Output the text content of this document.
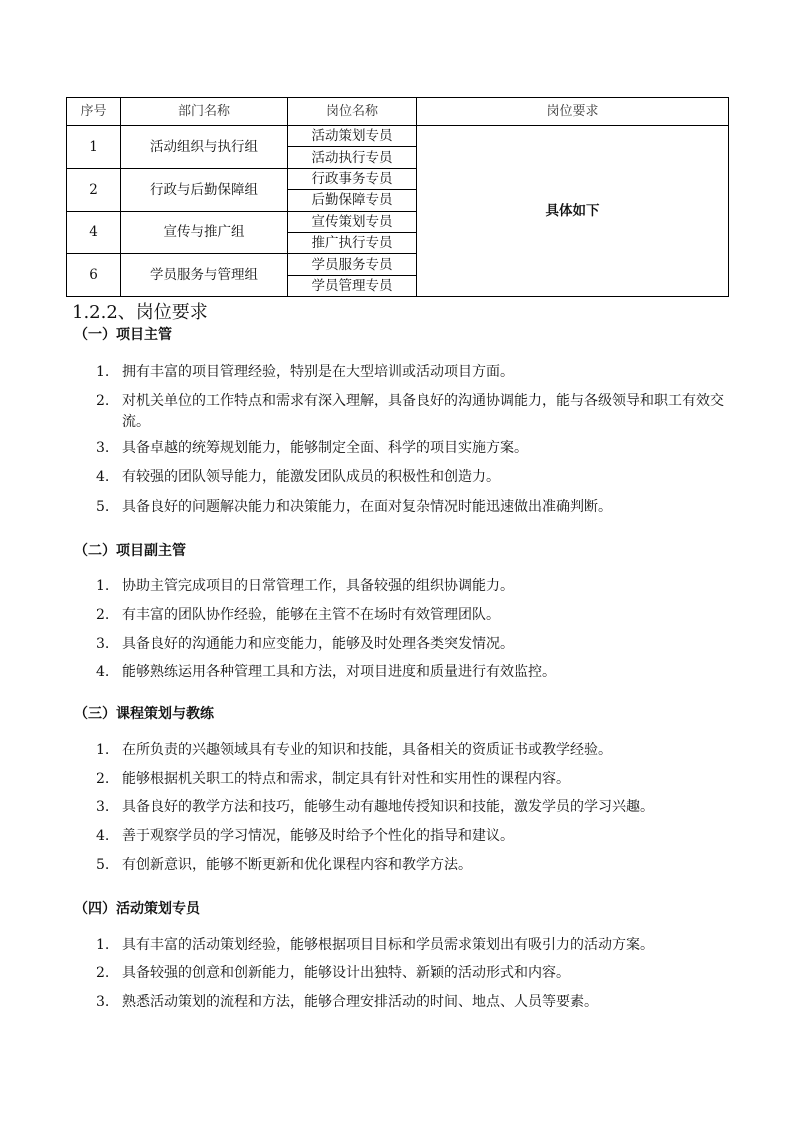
序号	部门名称	岗位名称	岗位要求
1	活动组织与执行组	活动策划专员	具体如下
		活动执行专员	
2	行政与后勤保障组	行政事务专员	
		后勤保障专员	
4	宣传与推广组	宣传策划专员	
		推广执行专员	
6	学员服务与管理组	学员服务专员	
		学员管理专员	
1.2.2、岗位要求
（一）项目主管
1. 拥有丰富的项目管理经验，特别是在大型培训或活动项目方面。
2. 对机关单位的工作特点和需求有深入理解，具备良好的沟通协调能力，能与各级领导和职工有效交流。
3. 具备卓越的统筹规划能力，能够制定全面、科学的项目实施方案。
4. 有较强的团队领导能力，能激发团队成员的积极性和创造力。
5. 具备良好的问题解决能力和决策能力，在面对复杂情况时能迅速做出准确判断。
（二）项目副主管
1. 协助主管完成项目的日常管理工作，具备较强的组织协调能力。
2. 有丰富的团队协作经验，能够在主管不在场时有效管理团队。
3. 具备良好的沟通能力和应变能力，能够及时处理各类突发情况。
4. 能够熟练运用各种管理工具和方法，对项目进度和质量进行有效监控。
（三）课程策划与教练
1. 在所负责的兴趣领域具有专业的知识和技能，具备相关的资质证书或教学经验。
2. 能够根据机关职工的特点和需求，制定具有针对性和实用性的课程内容。
3. 具备良好的教学方法和技巧，能够生动有趣地传授知识和技能，激发学员的学习兴趣。
4. 善于观察学员的学习情况，能够及时给予个性化的指导和建议。
5. 有创新意识，能够不断更新和优化课程内容和教学方法。
（四）活动策划专员
1. 具有丰富的活动策划经验，能够根据项目目标和学员需求策划出有吸引力的活动方案。
2. 具备较强的创意和创新能力，能够设计出独特、新颖的活动形式和内容。
3. 熟悉活动策划的流程和方法，能够合理安排活动的时间、地点、人员等要素。
